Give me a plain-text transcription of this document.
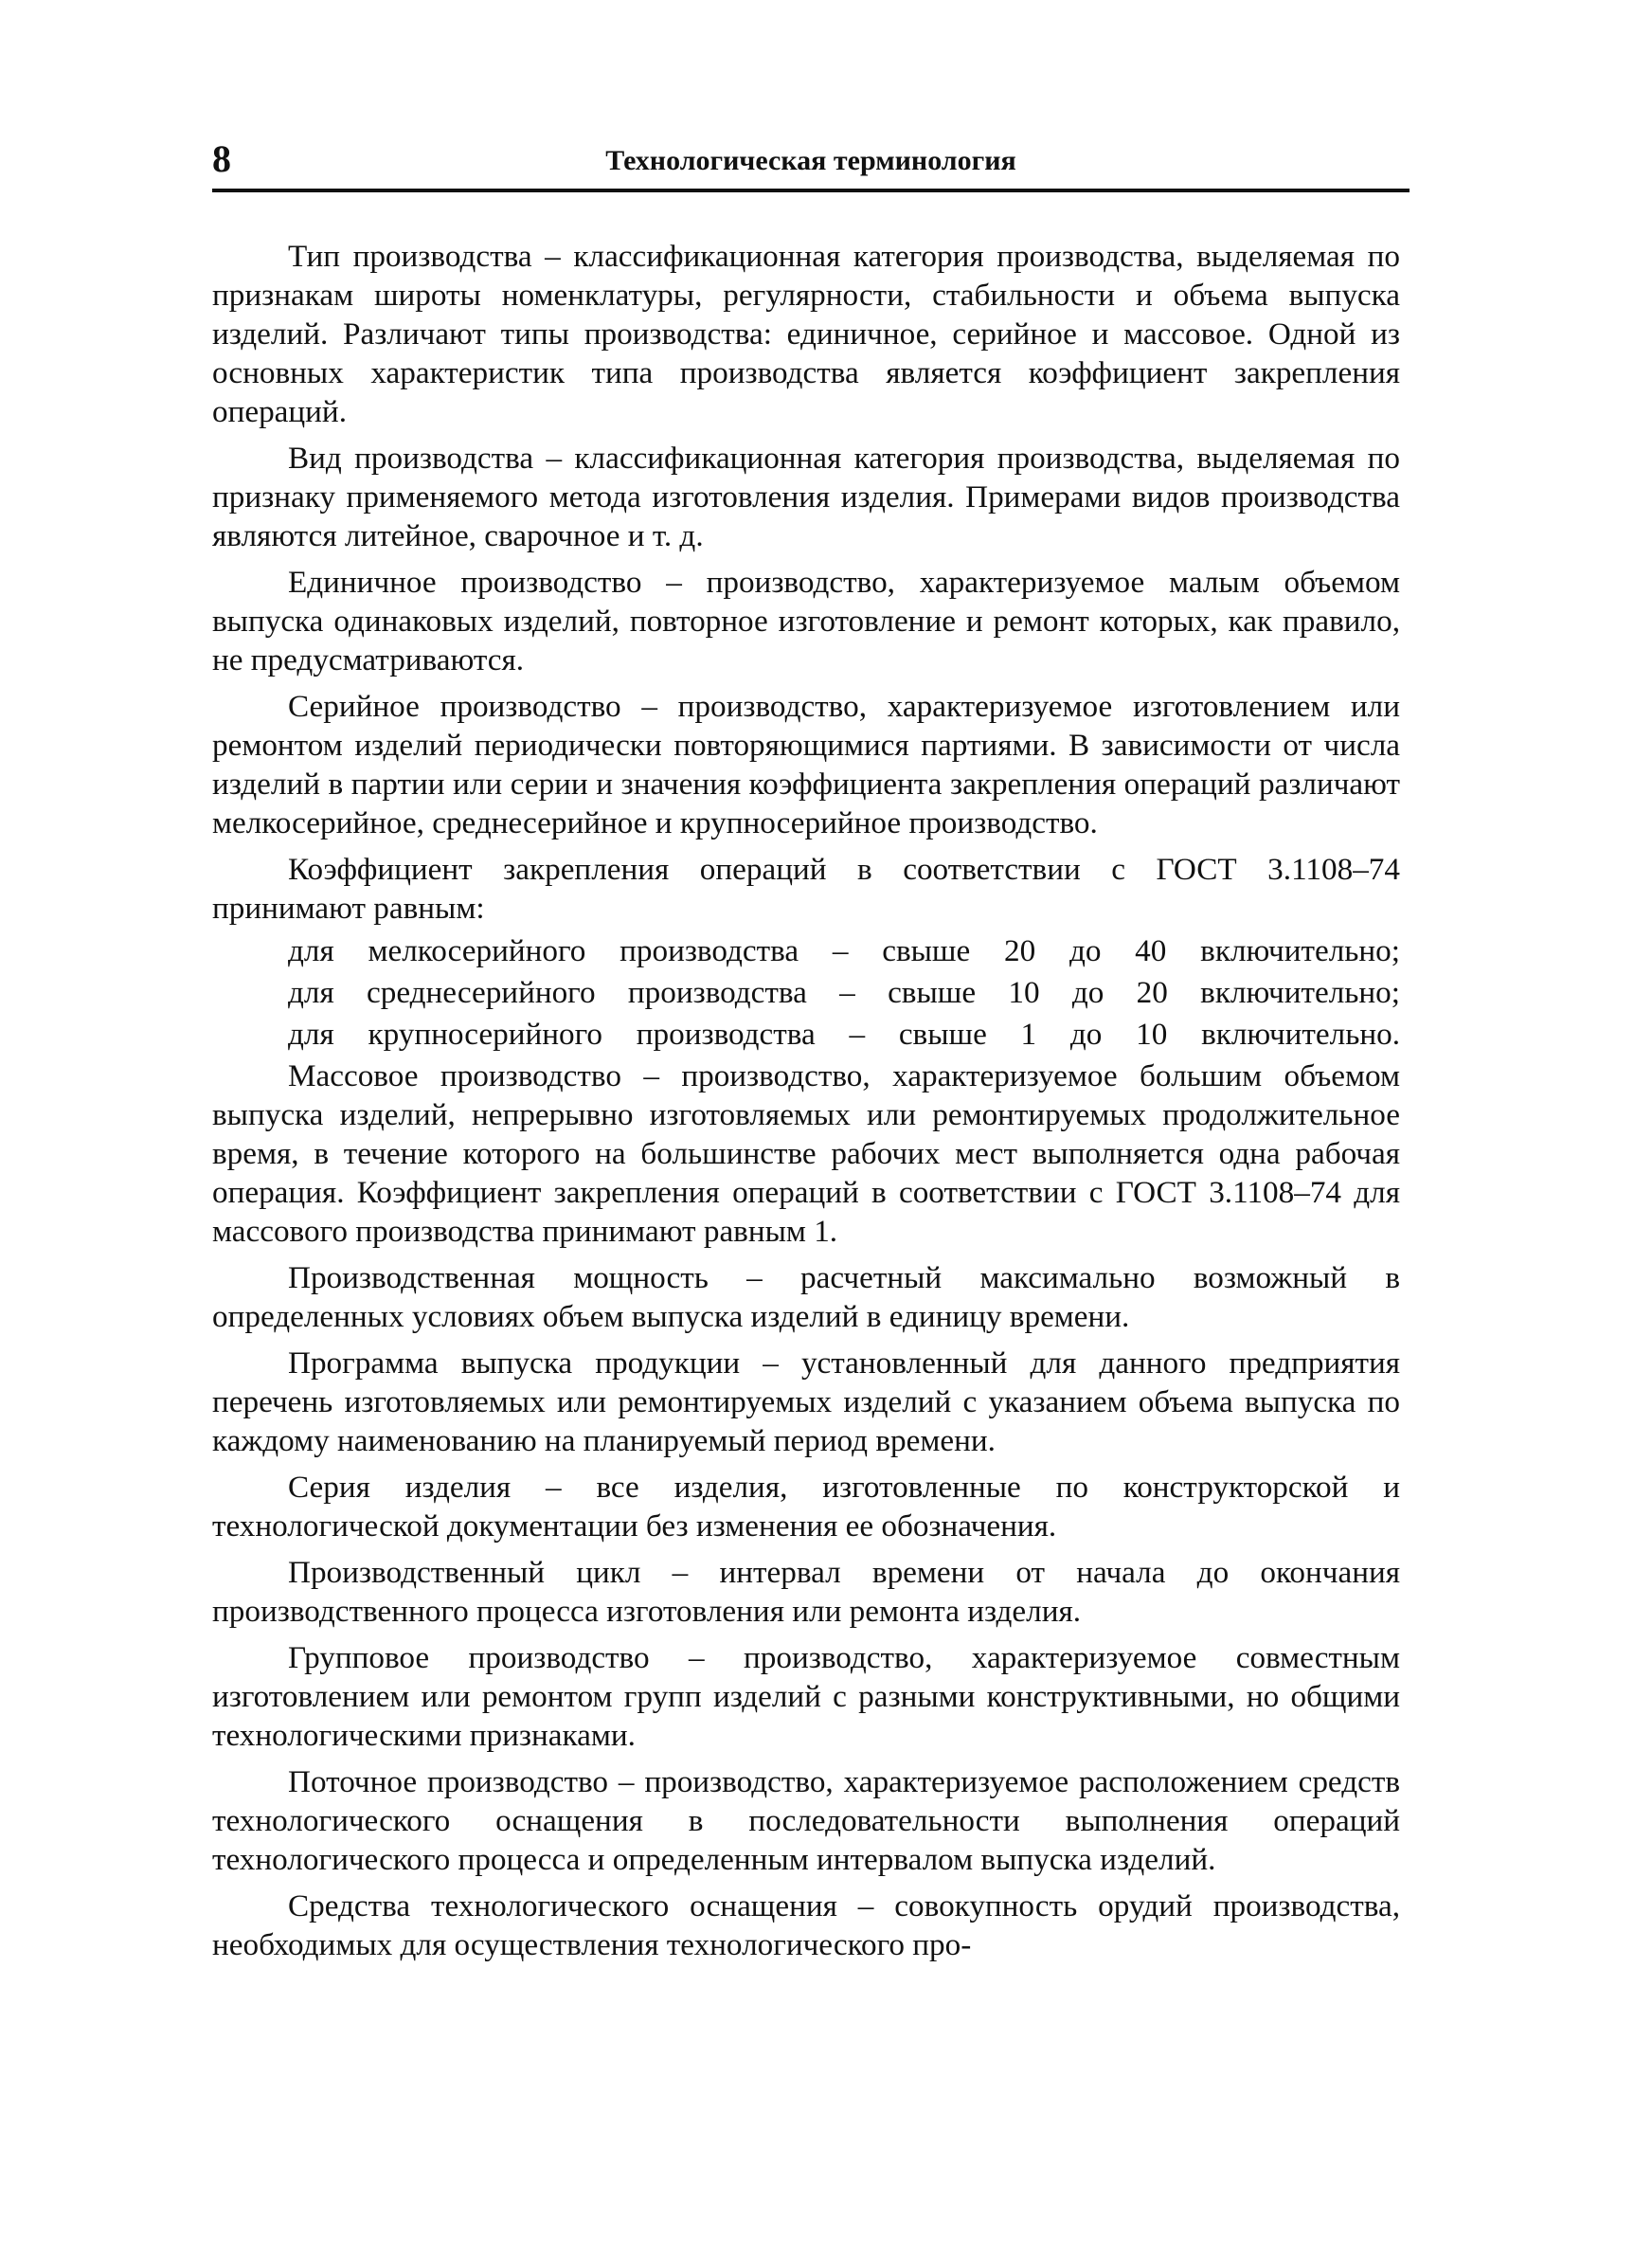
8	Технологическая терминология

Тип производства – классификационная категория производства, выделяемая по признакам широты номенклатуры, регулярности, стабильности и объема выпуска изделий. Различают типы производства: единичное, серийное и массовое. Одной из основных характеристик типа производства является коэффициент закрепления операций.

Вид производства – классификационная категория производства, выделяемая по признаку применяемого метода изготовления изделия. Примерами видов производства являются литейное, сварочное и т. д.

Единичное производство – производство, характеризуемое малым объемом выпуска одинаковых изделий, повторное изготовление и ремонт которых, как правило, не предусматриваются.

Серийное производство – производство, характеризуемое изготовлением или ремонтом изделий периодически повторяющимися партиями. В зависимости от числа изделий в партии или серии и значения коэффициента закрепления операций различают мелкосерийное, среднесерийное и крупносерийное производство.

Коэффициент закрепления операций в соответствии с ГОСТ 3.1108–74 принимают равным:

для мелкосерийного производства – свыше 20 до 40 включительно;

для среднесерийного производства – свыше 10 до 20 включительно;

для крупносерийного производства – свыше 1 до 10 включительно.

Массовое производство – производство, характеризуемое большим объемом выпуска изделий, непрерывно изготовляемых или ремонтируемых продолжительное время, в течение которого на большинстве рабочих мест выполняется одна рабочая операция. Коэффициент закрепления операций в соответствии с ГОСТ 3.1108–74 для массового производства принимают равным 1.

Производственная мощность – расчетный максимально возможный в определенных условиях объем выпуска изделий в единицу времени.

Программа выпуска продукции – установленный для данного предприятия перечень изготовляемых или ремонтируемых изделий с указанием объема выпуска по каждому наименованию на планируемый период времени.

Серия изделия – все изделия, изготовленные по конструкторской и технологической документации без изменения ее обозначения.

Производственный цикл – интервал времени от начала до окончания производственного процесса изготовления или ремонта изделия.

Групповое производство – производство, характеризуемое совместным изготовлением или ремонтом групп изделий с разными конструктивными, но общими технологическими признаками.

Поточное производство – производство, характеризуемое расположением средств технологического оснащения в последовательности выполнения операций технологического процесса и определенным интервалом выпуска изделий.

Средства технологического оснащения – совокупность орудий производства, необходимых для осуществления технологического про-
